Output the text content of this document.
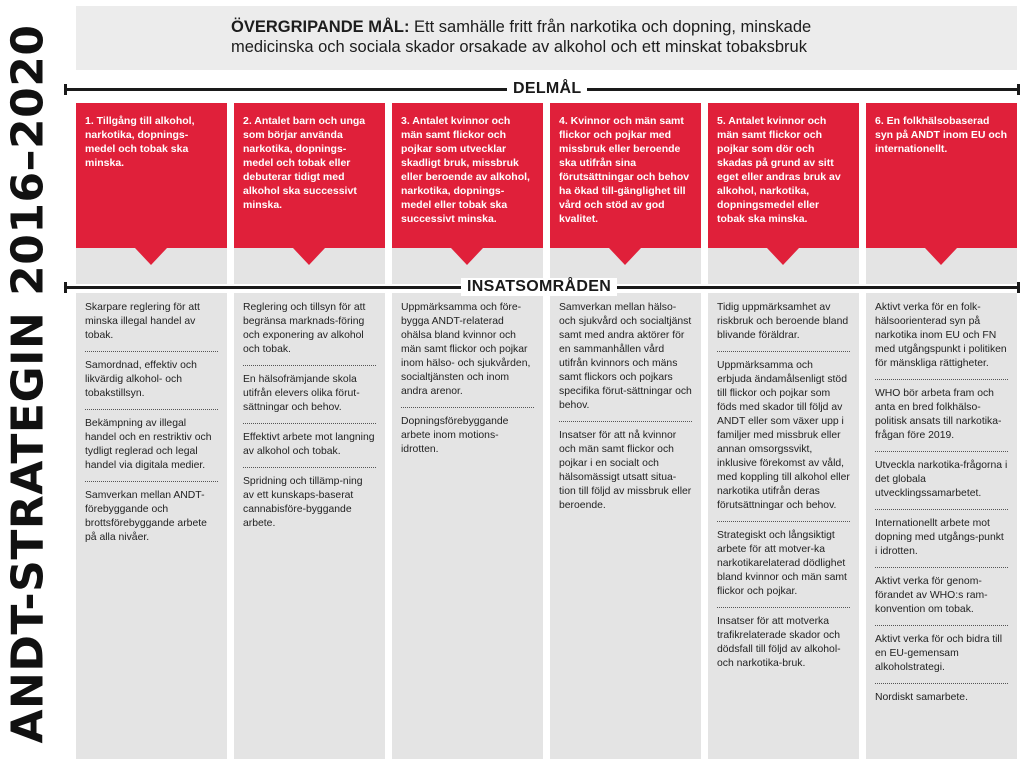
ANDT-STRATEGIN 2016–2020	ÖVERGRIPANDE MÅL: Ett samhälle fritt från narkotika och dopning, minskade
medicinska och sociala skador orsakade av alkohol och ett minskat tobaksbruk
1. Tillgång till alkohol, narkotika, dopnings-medel och tobak ska minska.
Skarpare reglering för att minska illegal handel av tobak.
Samordnad, effektiv och likvärdig alkohol- och tobakstillsyn.
Bekämpning av illegal handel och en restriktiv och tydligt reglerad och legal handel via digitala medier.
Samverkan mellan ANDT-förebyggande och brottsförebyggande arbete på alla nivåer.
2. Antalet barn och unga som börjar använda narkotika, dopnings-medel och tobak eller debuterar tidigt med alkohol ska successivt minska.
Reglering och tillsyn för att begränsa marknads-föring och exponering av alkohol och tobak.
En hälsofrämjande skola utifrån elevers olika förut-sättningar och behov.
Effektivt arbete mot langning av alkohol och tobak.
Spridning och tillämp-ning av ett kunskaps-baserat cannabisföre-byggande arbete.
3. Antalet kvinnor och män samt flickor och pojkar som utvecklar skadligt bruk, missbruk eller beroende av alkohol, narkotika, dopnings-medel eller tobak ska successivt minska.
Uppmärksamma och före-bygga ANDT-relaterad ohälsa bland kvinnor och män samt flickor och pojkar inom hälso- och sjukvården, socialtjänsten och inom andra arenor.
Dopningsförebyggande arbete inom motions-idrotten.
4. Kvinnor och män samt flickor och pojkar med missbruk eller beroende ska utifrån sina förutsättningar och behov ha ökad till-gänglighet till vård och stöd av god kvalitet.
Samverkan mellan hälso- och sjukvård och socialtjänst samt med andra aktörer för en sammanhållen vård utifrån kvinnors och mäns samt flickors och pojkars specifika förut-sättningar och behov.
Insatser för att nå kvinnor och män samt flickor och pojkar i en socialt och hälsomässigt utsatt situa-tion till följd av missbruk eller beroende.
5. Antalet kvinnor och män samt flickor och pojkar som dör och skadas på grund av sitt eget eller andras bruk av alkohol, narkotika, dopningsmedel eller tobak ska minska.
Tidig uppmärksamhet av riskbruk och beroende bland blivande föräldrar.
Uppmärksamma och erbjuda ändamålsenligt stöd till flickor och pojkar som föds med skador till följd av ANDT eller som växer upp i familjer med missbruk eller annan omsorgssvikt, inklusive förekomst av våld, med koppling till alkohol eller narkotika utifrån deras förutsättningar och behov.
Strategiskt och långsiktigt arbete för att motver-ka narkotikarelaterad dödlighet bland kvinnor och män samt flickor och pojkar.
Insatser för att motverka trafikrelaterade skador och dödsfall till följd av alkohol- och narkotika-bruk.
6. En folkhälsobaserad syn på ANDT inom EU och internationellt.
Aktivt verka för en folk-hälsoorienterad syn på narkotika inom EU och FN med utgångspunkt i politiken för mänskliga rättigheter.
WHO bör arbeta fram och anta en bred folkhälso-politisk ansats till narkotika-frågan före 2019.
Utveckla narkotika-frågorna i det globala utvecklingssamarbetet.
Internationellt arbete mot dopning med utgångs-punkt i idrotten.
Aktivt verka för genom-förandet av WHO:s ram-konvention om tobak.
Aktivt verka för och bidra till en EU-gemensam alkoholstrategi.
Nordiskt samarbete.
DELMÅL
INSATSOMRÅDEN
